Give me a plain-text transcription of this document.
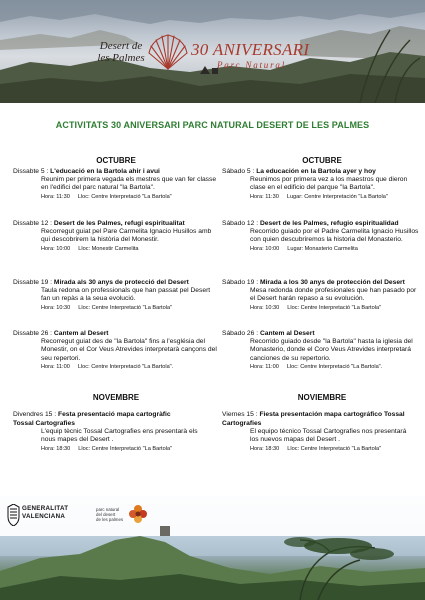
Desert de
les Palmes	30 ANIVERSARI
Parc Natural
ACTIVITATS 30 ANIVERSARI PARC NATURAL DESERT DE LES PALMES
OCTUBRE
Dissabte 5 : L'educació en la Bartola ahir i avui
Reunim per primera vegada els mestres que van fer classe en l'edifici del parc natural "la Bartola".
Hora: 11:30 Lloc: Centre Interpretació "La Bartola"
Dissabte 12 : Desert de les Palmes, refugi espiritualitat
Recorregut guiat pel Pare Carmelita Ignacio Husillos amb qui descobrirem la història del Monestir.
Hora: 10:00 Lloc: Monestir Carmelita
Dissabte 19 : Mirada als 30 anys de protecció del Desert
Taula redona on professionals que han passat pel Desert fan un repàs a la seua evolució.
Hora: 10:30 Lloc: Centre Interpretació "La Bartola"
Dissabte 26 : Cantem al Desert
Recorregut guiat des de "la Bartola" fins a l'església del Monestir, on el Cor Veus Atrevides interpretarà cançons del seu repertori.
Hora: 11:00 Lloc: Centre Interpretació "La Bartola".
NOVEMBRE
Divendres 15 : Festa presentació mapa cartogràfic Tossal Cartografies
L'equip tècnic Tossal Cartografies ens presentarà els nous mapes del Desert .
Hora: 18:30 Lloc: Centre Interpretació "La Bartola"
OCTUBRE
Sábado 5 : La educación en la Bartola ayer y hoy
Reunimos por primera vez a los maestros que dieron clase en el edificio del parque "la Bartola".
Hora: 11:30 Lugar: Centre Interpretación "La Bartola"
Sábado 12 : Desert de les Palmes, refugio espiritualidad
Recorrido guiado por el Padre Carmelita Ignacio Husillos con quien descubriremos la historia del Monasterio.
Hora: 10:00 Lugar: Monasterio Carmelita
Sábado 19 : Mirada a los 30 anys de protección del Desert
Mesa redonda donde profesionales que han pasado por el Desert harán repaso a su evolución.
Hora: 10:30 Lloc: Centre Interpretació "La Bartola"
Sábado 26 : Cantem al Desert
Recorrido guiado desde "la Bartola" hasta la iglesia del Monasterio, donde el Coro Veus Atrevides interpretará canciones de su repertorio.
Hora: 11:00 Lloc: Centre Interpretació "La Bartola".
NOVIEMBRE
Viernes 15 : Fiesta presentación mapa cartográfico Tossal Cartografies
El equipo técnico Tossal Cartografies nos presentará los nuevos mapas del Desert .
Hora: 18:30 Lloc: Centre Interpretació "La Bartola"
GENERALITAT
VALENCIANA
parc natural
del desert
de les palmes
